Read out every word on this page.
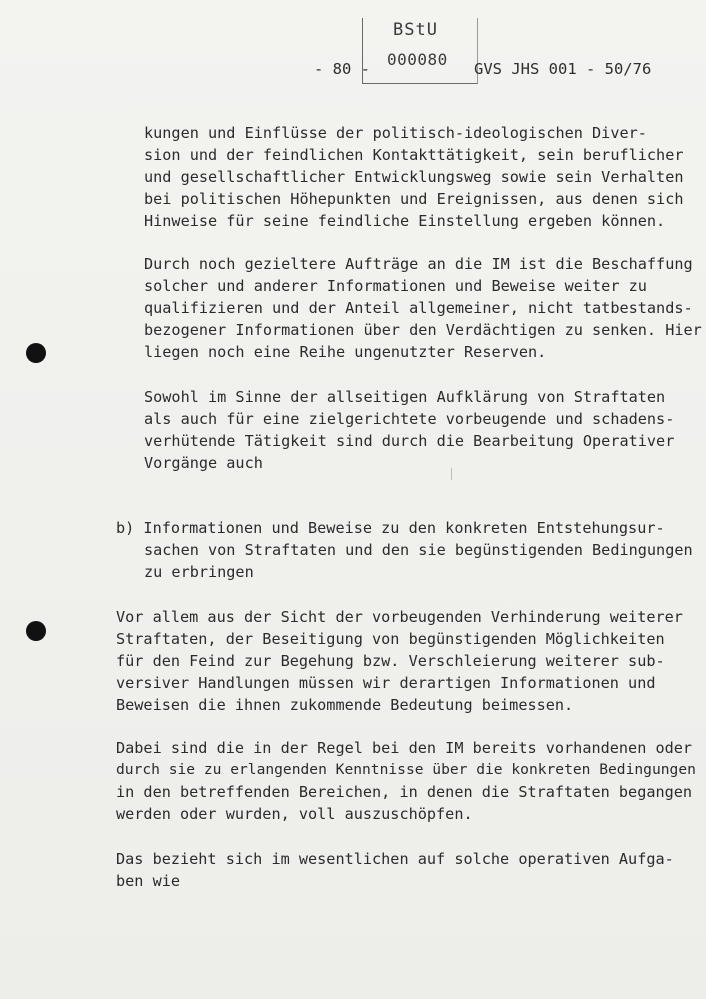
BStU
000080
- 80 -	GVS JHS 001 - 50/76
kungen und Einflüsse der politisch-ideologischen Diver-
sion und der feindlichen Kontakttätigkeit, sein beruflicher
und gesellschaftlicher Entwicklungsweg sowie sein Verhalten
bei politischen Höhepunkten und Ereignissen, aus denen sich
Hinweise für seine feindliche Einstellung ergeben können.
Durch noch gezieltere Aufträge an die IM ist die Beschaffung
solcher und anderer Informationen und Beweise weiter zu
qualifizieren und der Anteil allgemeiner, nicht tatbestands-
bezogener Informationen über den Verdächtigen zu senken. Hier
liegen noch eine Reihe ungenutzter Reserven.
Sowohl im Sinne der allseitigen Aufklärung von Straftaten
als auch für eine zielgerichtete vorbeugende und schadens-
verhütende Tätigkeit sind durch die Bearbeitung Operativer
Vorgänge auch
b) Informationen und Beweise zu den konkreten Entstehungsur-
sachen von Straftaten und den sie begünstigenden Bedingungen
zu erbringen
Vor allem aus der Sicht der vorbeugenden Verhinderung weiterer
Straftaten, der Beseitigung von begünstigenden Möglichkeiten
für den Feind zur Begehung bzw. Verschleierung weiterer sub-
versiver Handlungen müssen wir derartigen Informationen und
Beweisen die ihnen zukommende Bedeutung beimessen.
Dabei sind die in der Regel bei den IM bereits vorhandenen oder
durch sie zu erlangenden Kenntnisse über die konkreten Bedingungen
in den betreffenden Bereichen, in denen die Straftaten begangen
werden oder wurden, voll auszuschöpfen.
Das bezieht sich im wesentlichen auf solche operativen Aufga-
ben wie
